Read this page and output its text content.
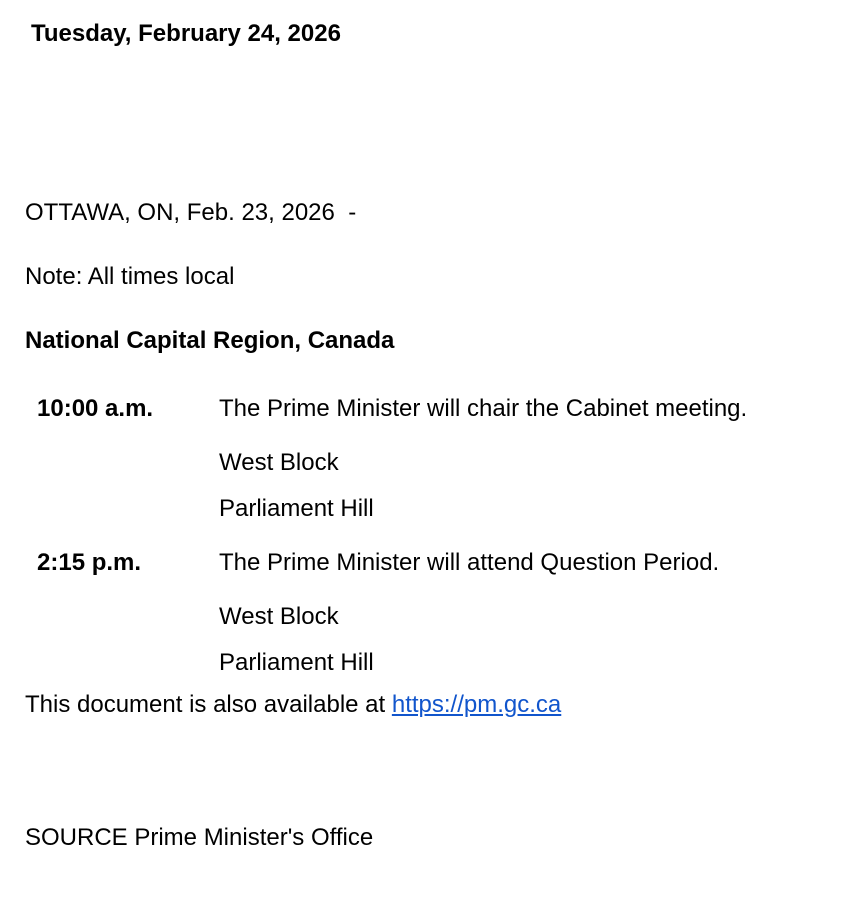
Tuesday, February 24, 2026
OTTAWA, ON, Feb. 23, 2026  -
Note: All times local
National Capital Region, Canada
10:00 a.m.	The Prime Minister will chair the Cabinet meeting.
West Block
Parliament Hill
2:15 p.m.	The Prime Minister will attend Question Period.
West Block
Parliament Hill
This document is also available at https://pm.gc.ca
SOURCE Prime Minister's Office
